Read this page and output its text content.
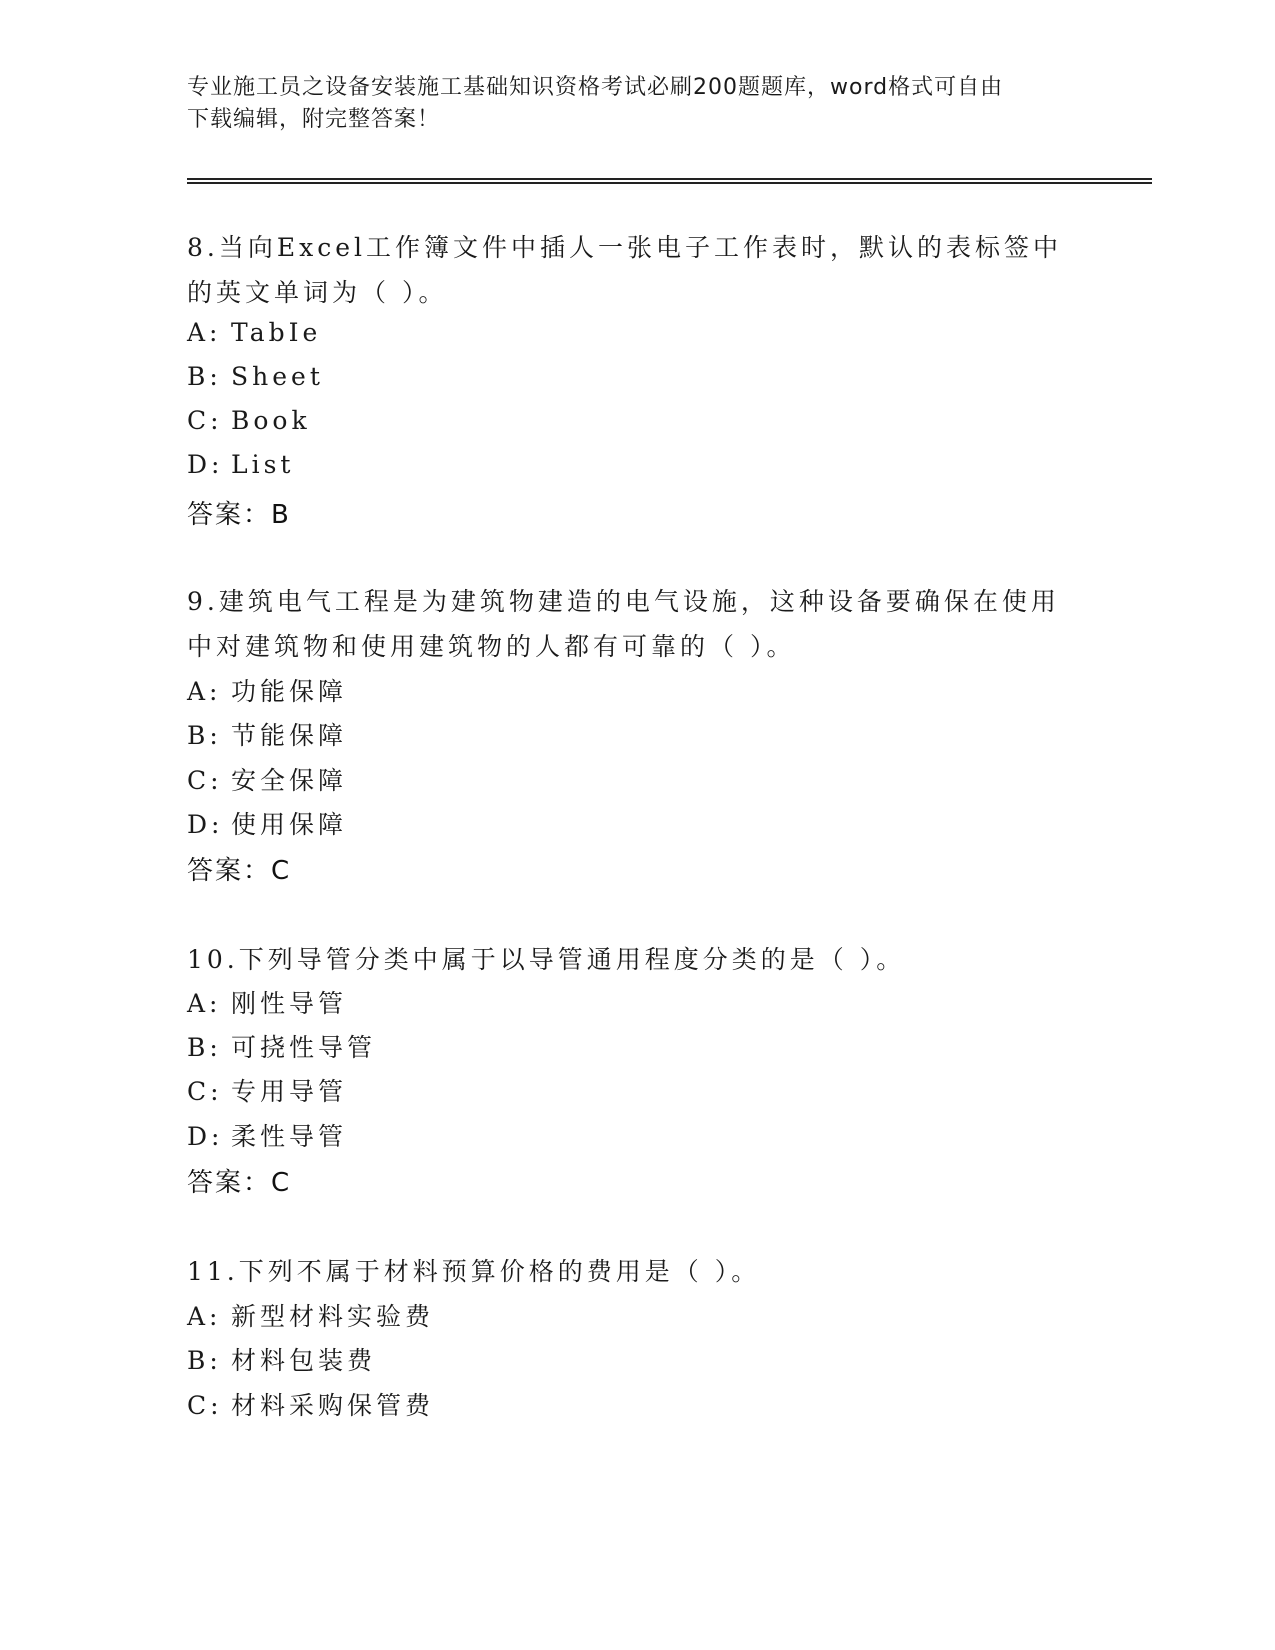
专业施工员之设备安装施工基础知识资格考试必刷200题题库，word格式可自由
下载编辑，附完整答案！
8.当向Excel工作簿文件中插人一张电子工作表时，默认的表标签中
的英文单词为（ ）。
A: TabIe
B: Sheet
C: Book
D: List
答案：B
9.建筑电气工程是为建筑物建造的电气设施，这种设备要确保在使用
中对建筑物和使用建筑物的人都有可靠的（ ）。
A: 功能保障
B: 节能保障
C: 安全保障
D: 使用保障
答案：C
10.下列导管分类中属于以导管通用程度分类的是（ ）。
A: 刚性导管
B: 可挠性导管
C: 专用导管
D: 柔性导管
答案：C
11.下列不属于材料预算价格的费用是（ ）。
A: 新型材料实验费
B: 材料包装费
C: 材料采购保管费
